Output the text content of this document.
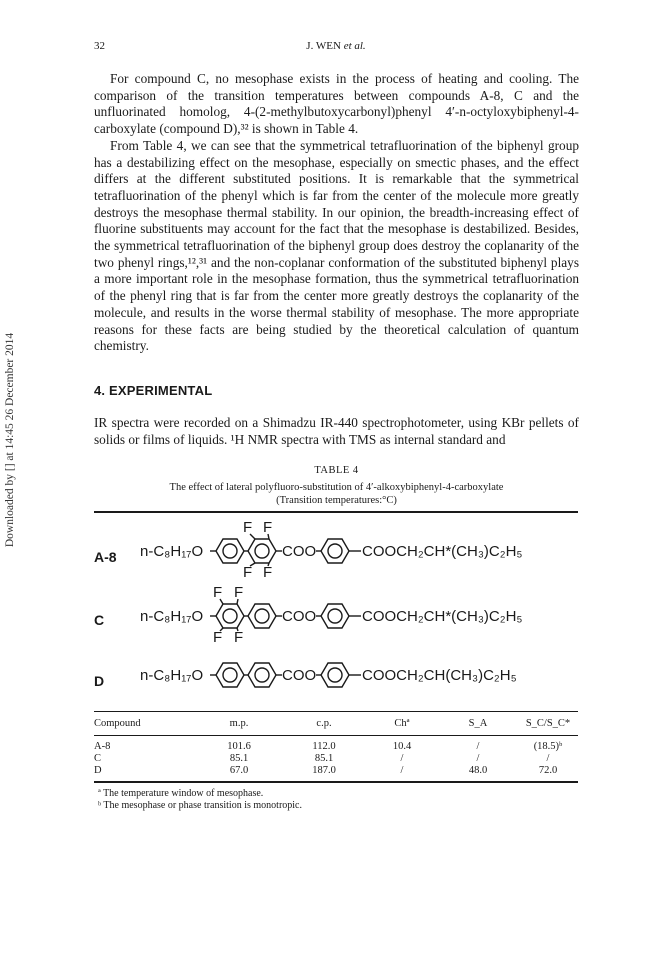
Downloaded by [] at 14:45 26 December 2014
32	J. WEN et al.

For compound C, no mesophase exists in the process of heating and cooling. The comparison of the transition temperatures between compounds A-8, C and the unfluorinated homolog, 4-(2-methylbutoxycarbonyl)phenyl 4′-n-octyloxybiphenyl-4-carboxylate (compound D),³² is shown in Table 4.

From Table 4, we can see that the symmetrical tetrafluorination of the biphenyl group has a destabilizing effect on the mesophase, especially on smectic phases, and the effect differs at the different substituted positions. It is remarkable that the symmetrical tetrafluorination of the phenyl which is far from the center of the molecule more greatly destroys the mesophase thermal stability. In our opinion, the breadth-increasing effect of fluorine substituents may account for the fact that the mesophase is destabilized. Besides, the symmetrical tetrafluorination of the biphenyl group does destroy the coplanarity of the two phenyl rings,¹²,³¹ and the non-coplanar conformation of the substituted biphenyl plays a more important role in the mesophase formation, thus the symmetrical tetrafluorination of the phenyl ring that is far from the center more greatly destroys the coplanarity of the molecule, and results in the worse thermal stability of mesophase. The more appropriate reasons for these facts are being studied by the theoretical calculation of quantum chemistry.

4. EXPERIMENTAL
IR spectra were recorded on a Shimadzu IR-440 spectrophotometer, using KBr pellets of solids or films of liquids. ¹H NMR spectra with TMS as internal standard and
TABLE 4
The effect of lateral polyfluoro-substitution of 4′-alkoxybiphenyl-4-carboxylate
(Transition temperatures:°C)
A-8 n-C₈H₁₇O	COO	COOCH₂CH*(CH₃)C₂H₅
F F
F F
C n-C₈H₁₇O	COO	COOCH₂CH*(CH₃)C₂H₅
F F
F F
D n-C₈H₁₇O	COO	COOCH₂CH(CH₃)C₂H₅
Compound	m.p.	c.p.	Chª	S_A	S_C/S_C*
A-8	101.6	112.0	10.4	/	(18.5)ᵇ
C	85.1	85.1	/	/	/
D	67.0	187.0	/	48.0	72.0
ª The temperature window of mesophase.
ᵇ The mesophase or phase transition is monotropic.
